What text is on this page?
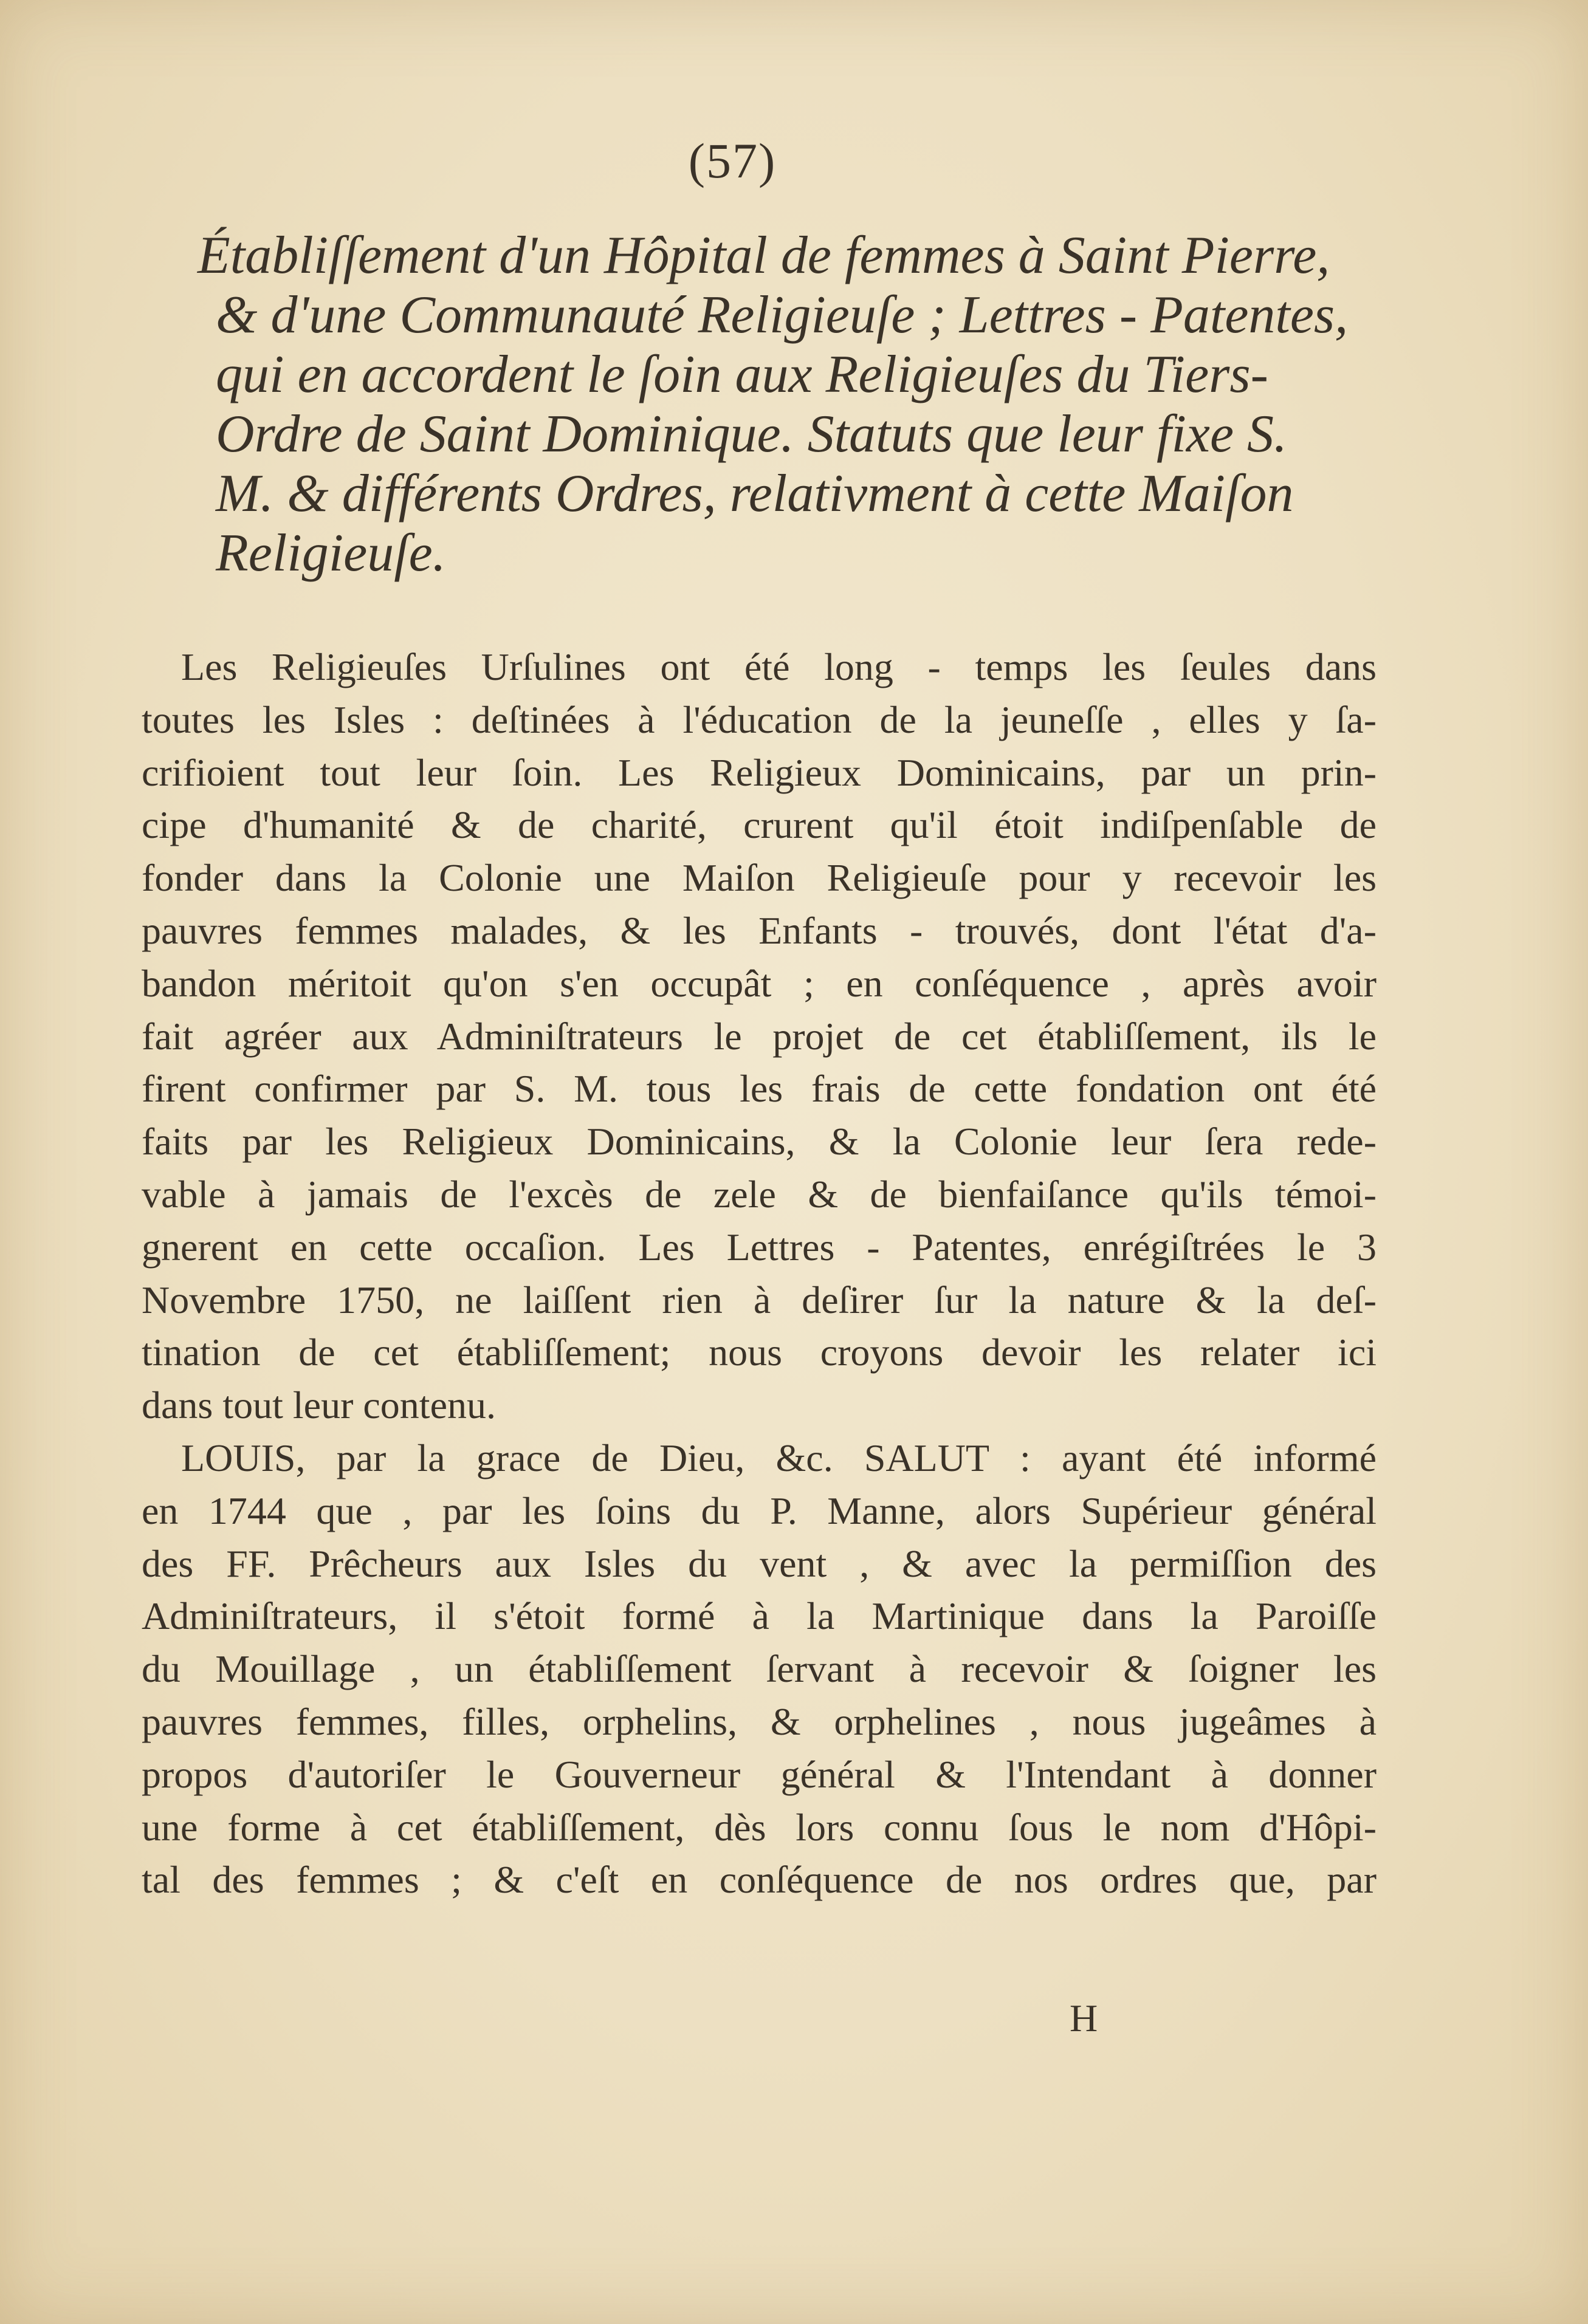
(57)
Établiſſement d'un Hôpital de femmes à Saint Pierre,
& d'une Communauté Religieuſe ; Lettres - Patentes,
qui en accordent le ſoin aux Religieuſes du Tiers-
Ordre de Saint Dominique. Statuts que leur fixe S.
M. & différents Ordres, relativment à cette Maiſon
Religieuſe.
Les Religieuſes Urſulines ont été long - temps les ſeules dans
toutes les Isles : deſtinées à l'éducation de la jeuneſſe , elles y ſa-
crifioient tout leur ſoin. Les Religieux Dominicains, par un prin-
cipe d'humanité & de charité, crurent qu'il étoit indiſpenſable de
fonder dans la Colonie une Maiſon Religieuſe pour y recevoir les
pauvres femmes malades, & les Enfants - trouvés, dont l'état d'a-
bandon méritoit qu'on s'en occupât ; en conſéquence , après avoir
fait agréer aux Adminiſtrateurs le projet de cet établiſſement, ils le
firent confirmer par S. M. tous les frais de cette fondation ont été
faits par les Religieux Dominicains, & la Colonie leur ſera rede-
vable à jamais de l'excès de zele & de bienfaiſance qu'ils témoi-
gnerent en cette occaſion. Les Lettres - Patentes, enrégiſtrées le 3
Novembre 1750, ne laiſſent rien à deſirer ſur la nature & la deſ-
tination de cet établiſſement; nous croyons devoir les relater ici
dans tout leur contenu.
LOUIS, par la grace de Dieu, &c. SALUT : ayant été informé
en 1744 que , par les ſoins du P. Manne, alors Supérieur général
des FF. Prêcheurs aux Isles du vent , & avec la permiſſion des
Adminiſtrateurs, il s'étoit formé à la Martinique dans la Paroiſſe
du Mouillage , un établiſſement ſervant à recevoir & ſoigner les
pauvres femmes, filles, orphelins, & orphelines , nous jugeâmes à
propos d'autoriſer le Gouverneur général & l'Intendant à donner
une forme à cet établiſſement, dès lors connu ſous le nom d'Hôpi-
tal des femmes ; & c'eſt en conſéquence de nos ordres que, par
H
